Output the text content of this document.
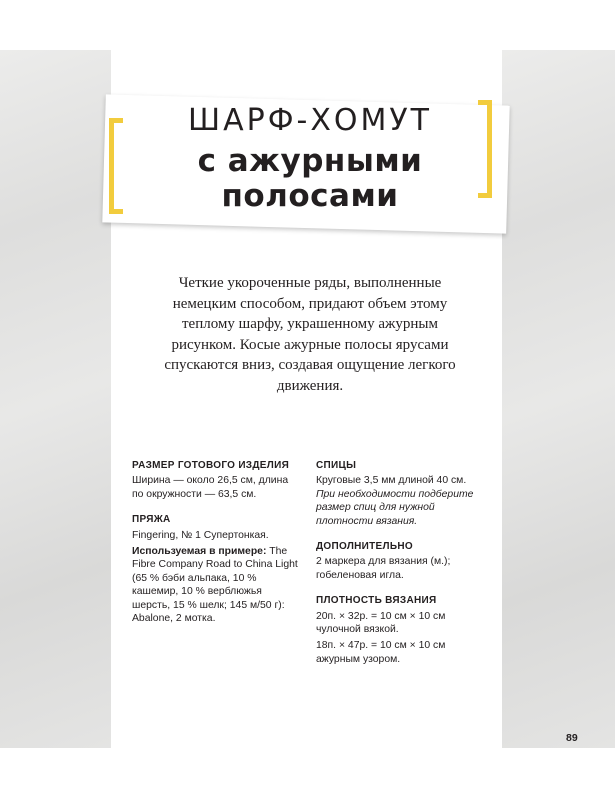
ШАРФ-ХОМУТ
с ажурными
полосами

Четкие укороченные ряды, выполненные немецким способом, придают объем этому теплому шарфу, украшенному ажурным рисунком. Косые ажурные полосы ярусами спускаются вниз, создавая ощущение легкого движения.

РАЗМЕР ГОТОВОГО ИЗДЕЛИЯ
Ширина — около 26,5 см, длина по окружности — 63,5 см.
ПРЯЖА
Fingering, № 1 Супертонкая.
Используемая в примере: The Fibre Company Road to China Light (65 % бэби альпака, 10 % кашемир, 10 % верблюжья шерсть, 15 % шелк; 145 м/50 г): Abalone, 2 мотка.
СПИЦЫ
Круговые 3,5 мм длиной 40 см. При необходимости подберите размер спиц для нужной плотности вязания.
ДОПОЛНИТЕЛЬНО
2 маркера для вязания (м.); гобеленовая игла.
ПЛОТНОСТЬ ВЯЗАНИЯ
20п. × 32р. = 10 см × 10 см чулочной вязкой.
18п. × 47р. = 10 см × 10 см ажурным узором.
89
